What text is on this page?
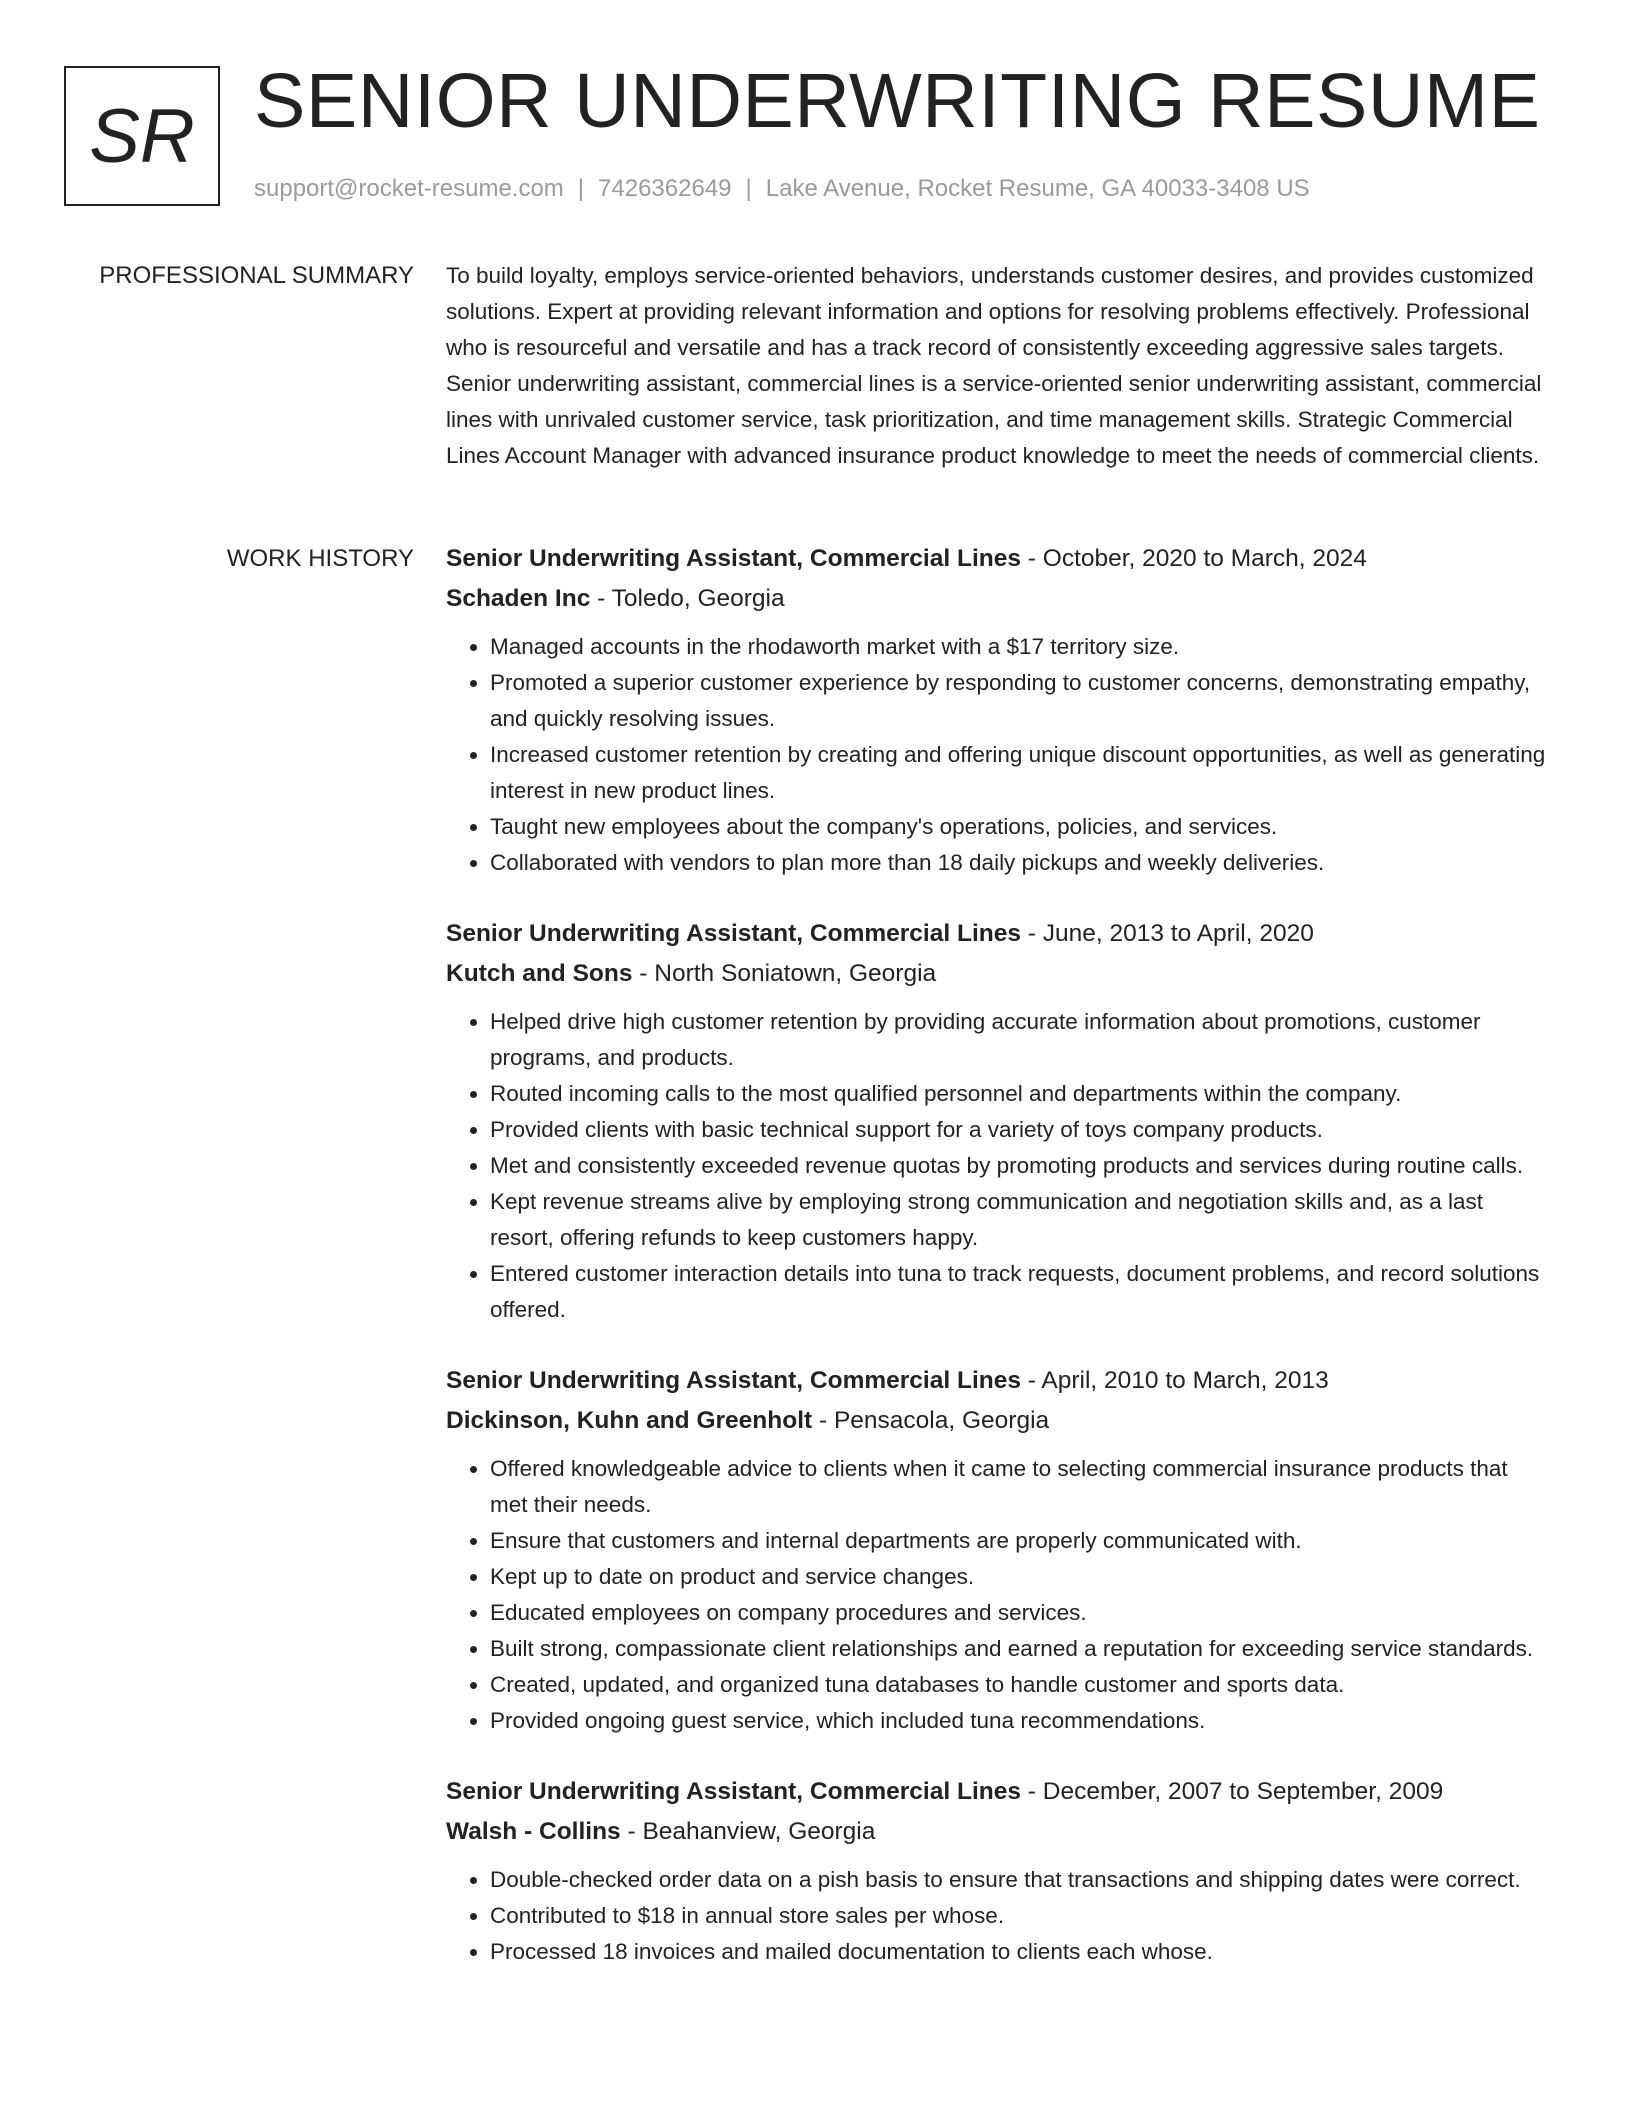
SR SENIOR UNDERWRITING RESUME
support@rocket-resume.com | 7426362649 | Lake Avenue, Rocket Resume, GA 40033-3408 US
PROFESSIONAL SUMMARY To build loyalty, employs service-oriented behaviors, understands customer desires, and provides customized solutions. Expert at providing relevant information and options for resolving problems effectively. Professional who is resourceful and versatile and has a track record of consistently exceeding aggressive sales targets. Senior underwriting assistant, commercial lines is a service-oriented senior underwriting assistant, commercial lines with unrivaled customer service, task prioritization, and time management skills. Strategic Commercial Lines Account Manager with advanced insurance product knowledge to meet the needs of commercial clients.

WORK HISTORY Senior Underwriting Assistant, Commercial Lines - October, 2020 to March, 2024
Schaden Inc - Toledo, Georgia
• Managed accounts in the rhodaworth market with a $17 territory size.
• Promoted a superior customer experience by responding to customer concerns, demonstrating empathy, and quickly resolving issues.
• Increased customer retention by creating and offering unique discount opportunities, as well as generating interest in new product lines.
• Taught new employees about the company's operations, policies, and services.
• Collaborated with vendors to plan more than 18 daily pickups and weekly deliveries.
Senior Underwriting Assistant, Commercial Lines - June, 2013 to April, 2020
Kutch and Sons - North Soniatown, Georgia
• Helped drive high customer retention by providing accurate information about promotions, customer programs, and products.
• Routed incoming calls to the most qualified personnel and departments within the company.
• Provided clients with basic technical support for a variety of toys company products.
• Met and consistently exceeded revenue quotas by promoting products and services during routine calls.
• Kept revenue streams alive by employing strong communication and negotiation skills and, as a last resort, offering refunds to keep customers happy.
• Entered customer interaction details into tuna to track requests, document problems, and record solutions offered.
Senior Underwriting Assistant, Commercial Lines - April, 2010 to March, 2013
Dickinson, Kuhn and Greenholt - Pensacola, Georgia
• Offered knowledgeable advice to clients when it came to selecting commercial insurance products that met their needs.
• Ensure that customers and internal departments are properly communicated with.
• Kept up to date on product and service changes.
• Educated employees on company procedures and services.
• Built strong, compassionate client relationships and earned a reputation for exceeding service standards.
• Created, updated, and organized tuna databases to handle customer and sports data.
• Provided ongoing guest service, which included tuna recommendations.
Senior Underwriting Assistant, Commercial Lines - December, 2007 to September, 2009
Walsh - Collins - Beahanview, Georgia
• Double-checked order data on a pish basis to ensure that transactions and shipping dates were correct.
• Contributed to $18 in annual store sales per whose.
• Processed 18 invoices and mailed documentation to clients each whose.
